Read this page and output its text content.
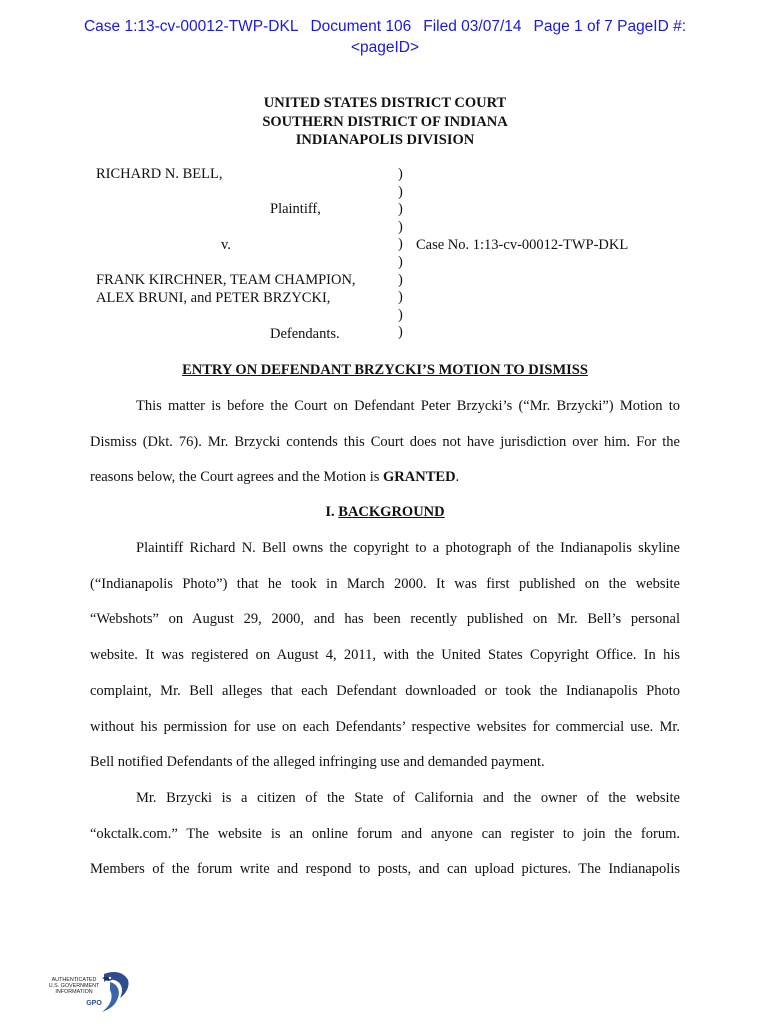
Case 1:13-cv-00012-TWP-DKL Document 106 Filed 03/07/14 Page 1 of 7 PageID #:
<pageID>
UNITED STATES DISTRICT COURT
SOUTHERN DISTRICT OF INDIANA
INDIANAPOLIS DIVISION
RICHARD N. BELL,
Plaintiff,
v.
FRANK KIRCHNER, TEAM CHAMPION,
ALEX BRUNI, and PETER BRZYCKI,
Defendants.
Case No. 1:13-cv-00012-TWP-DKL
)
)
)
)
)
)
)
)
)
)
ENTRY ON DEFENDANT BRZYCKI’S MOTION TO DISMISS
This matter is before the Court on Defendant Peter Brzycki’s (“Mr. Brzycki”) Motion to
Dismiss (Dkt. 76). Mr. Brzycki contends this Court does not have jurisdiction over him. For the
reasons below, the Court agrees and the Motion is GRANTED.
I. BACKGROUND
Plaintiff Richard N. Bell owns the copyright to a photograph of the Indianapolis skyline
(“Indianapolis Photo”) that he took in March 2000. It was first published on the website
“Webshots” on August 29, 2000, and has been recently published on Mr. Bell’s personal
website. It was registered on August 4, 2011, with the United States Copyright Office. In his
complaint, Mr. Bell alleges that each Defendant downloaded or took the Indianapolis Photo
without his permission for use on each Defendants’ respective websites for commercial use. Mr.
Bell notified Defendants of the alleged infringing use and demanded payment.
Mr. Brzycki is a citizen of the State of California and the owner of the website
“okctalk.com.” The website is an online forum and anyone can register to join the forum.
Members of the forum write and respond to posts, and can upload pictures. The Indianapolis
AUTHENTICATED
U.S. GOVERNMENT
INFORMATION
GPO
